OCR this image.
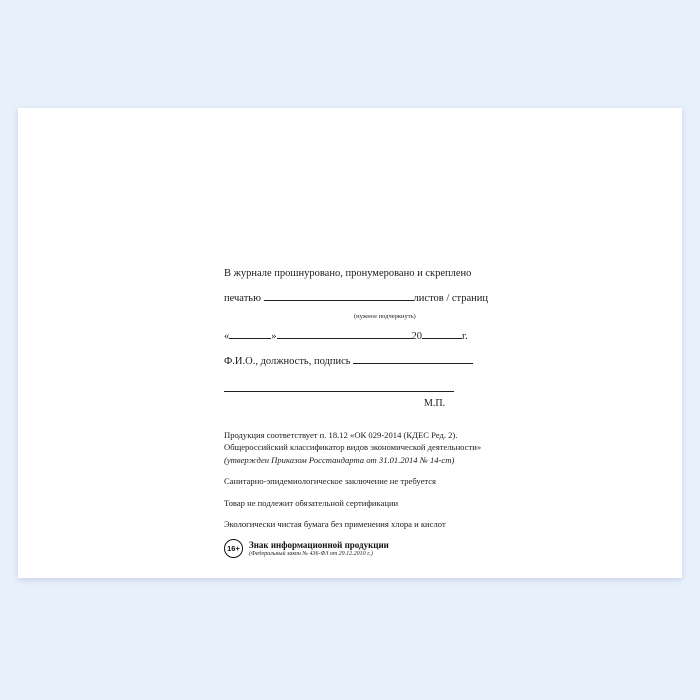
В журнале прошнуровано, пронумеровано и скреплено
печатью	листов / страниц
(нужное подчеркнуть)
«	»	20	г.
Ф.И.О., должность, подпись
М.П.

Продукция соответствует п. 18.12 «ОК 029-2014 (КДЕС Ред. 2).
Общероссийский классификатор видов экономической деятельности»
(утвержден Приказом Росстандарта от 31.01.2014 № 14-ст)

Санитарно-эпидемиологическое заключение не требуется

Товар не подлежит обязательной сертификации

Экологически чистая бумага без применения хлора и кислот

16+	Знак информационной продукции
(Федеральный закон № 436-ФЗ от 29.12.2010 г.)
